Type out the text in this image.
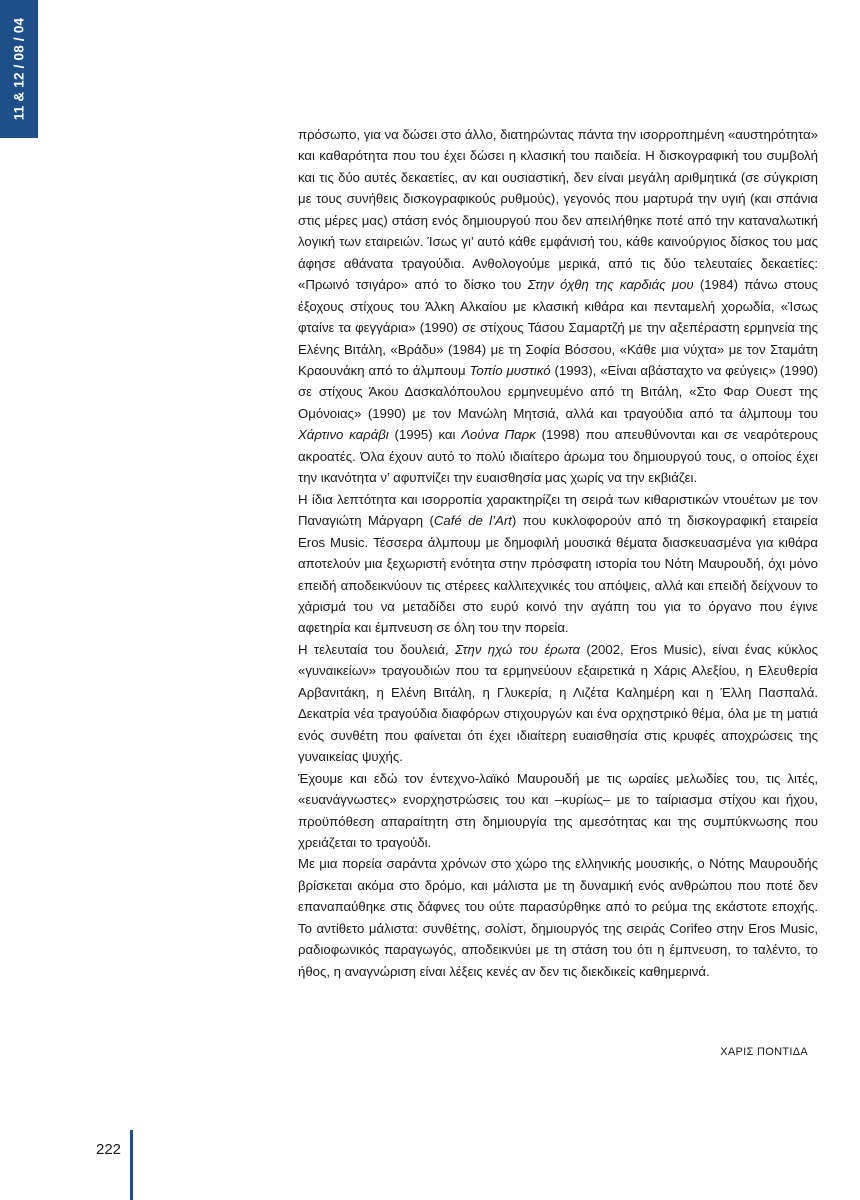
11 & 12 / 08 / 04

πρόσωπο, για να δώσει στο άλλο, διατηρώντας πάντα την ισορροπημένη «αυστηρότητα» και καθαρότητα που του έχει δώσει η κλασική του παιδεία. Η δισκογραφική του συμβολή και τις δύο αυτές δεκαετίες, αν και ουσιαστική, δεν είναι μεγάλη αριθμητικά (σε σύγκριση με τους συνήθεις δισκογραφικούς ρυθμούς), γεγονός που μαρτυρά την υγιή (και σπάνια στις μέρες μας) στάση ενός δημιουργού που δεν απειλήθηκε ποτέ από την καταναλωτική λογική των εταιρειών. Ίσως γι’ αυτό κάθε εμφάνισή του, κάθε καινούργιος δίσκος του μας άφησε αθάνατα τραγούδια. Ανθολογούμε μερικά, από τις δύο τελευταίες δεκαετίες: «Πρωινό τσιγάρο» από το δίσκο του Στην όχθη της καρδιάς μου (1984) πάνω στους έξοχους στίχους του Άλκη Αλκαίου με κλασική κιθάρα και πενταμελή χορωδία, «Ίσως φταίνε τα φεγγάρια» (1990) σε στίχους Τάσου Σαμαρτζή με την αξεπέραστη ερμηνεία της Ελένης Βιτάλη, «Βράδυ» (1984) με τη Σοφία Βόσσου, «Κάθε μια νύχτα» με τον Σταμάτη Κραουνάκη από το άλμπουμ Τοπίο μυστικό (1993), «Είναι αβάσταχτο να φεύγεις» (1990) σε στίχους Άκου Δασκαλόπουλου ερμηνευμένο από τη Βιτάλη, «Στο Φαρ Ουεστ της Ομόνοιας» (1990) με τον Μανώλη Μητσιά, αλλά και τραγούδια από τα άλμπουμ του Χάρτινο καράβι (1995) και Λούνα Παρκ (1998) που απευθύνονται και σε νεαρότερους ακροατές. Όλα έχουν αυτό το πολύ ιδιαίτερο άρωμα του δημιουργού τους, ο οποίος έχει την ικανότητα ν’ αφυπνίζει την ευαισθησία μας χωρίς να την εκβιάζει.

Η ίδια λεπτότητα και ισορροπία χαρακτηρίζει τη σειρά των κιθαριστικών ντουέτων με τον Παναγιώτη Μάργαρη (Café de l’Art) που κυκλοφορούν από τη δισκογραφική εταιρεία Eros Music. Τέσσερα άλμπουμ με δημοφιλή μουσικά θέματα διασκευασμένα για κιθάρα αποτελούν μια ξεχωριστή ενότητα στην πρόσφατη ιστορία του Νότη Μαυρουδή, όχι μόνο επειδή αποδεικνύουν τις στέρεες καλλιτεχνικές του απόψεις, αλλά και επειδή δείχνουν το χάρισμά του να μεταδίδει στο ευρύ κοινό την αγάπη του για το όργανο που έγινε αφετηρία και έμπνευση σε όλη του την πορεία.

Η τελευταία του δουλειά, Στην ηχώ του έρωτα (2002, Eros Music), είναι ένας κύκλος «γυναικείων» τραγουδιών που τα ερμηνεύουν εξαιρετικά η Χάρις Αλεξίου, η Ελευθερία Αρβανιτάκη, η Ελένη Βιτάλη, η Γλυκερία, η Λιζέτα Καλημέρη και η Έλλη Πασπαλά. Δεκατρία νέα τραγούδια διαφόρων στιχουργών και ένα ορχηστρικό θέμα, όλα με τη ματιά ενός συνθέτη που φαίνεται ότι έχει ιδιαίτερη ευαισθησία στις κρυφές αποχρώσεις της γυναικείας ψυχής.

Έχουμε και εδώ τον έντεχνο-λαϊκό Μαυρουδή με τις ωραίες μελωδίες του, τις λιτές, «ευανάγνωστες» ενορχηστρώσεις του και –κυρίως– με το ταίριασμα στίχου και ήχου, προϋπόθεση απαραίτητη στη δημιουργία της αμεσότητας και της συμπύκνωσης που χρειάζεται το τραγούδι.

Με μια πορεία σαράντα χρόνων στο χώρο της ελληνικής μουσικής, ο Νότης Μαυρουδής βρίσκεται ακόμα στο δρόμο, και μάλιστα με τη δυναμική ενός ανθρώπου που ποτέ δεν επαναπαύθηκε στις δάφνες του ούτε παρασύρθηκε από το ρεύμα της εκάστοτε εποχής. Το αντίθετο μάλιστα: συνθέτης, σολίστ, δημιουργός της σειράς Corifeo στην Eros Music, ραδιοφωνικός παραγωγός, αποδεικνύει με τη στάση του ότι η έμπνευση, το ταλέντο, το ήθος, η αναγνώριση είναι λέξεις κενές αν δεν τις διεκδικείς καθημερινά.

ΧΑΡΙΣ ΠΟΝΤΙΔΑ
222
